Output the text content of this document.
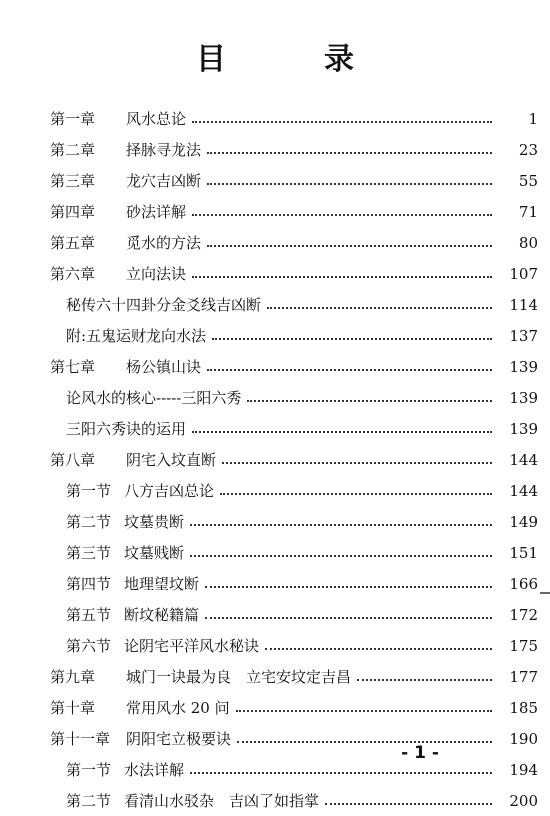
目　录
第一章 风水总论	1
第二章 择脉寻龙法	23
第三章 龙穴吉凶断	55
第四章 砂法详解	71
第五章 觅水的方法	80
第六章 立向法诀	107
秘传六十四卦分金爻线吉凶断	114
附:五鬼运财龙向水法	137
第七章 杨公镇山诀	139
论风水的核心-----三阳六秀	139
三阳六秀诀的运用	139
第八章 阴宅入坟直断	144
第一节 八方吉凶总论	144
第二节 坟墓贵断	149
第三节 坟墓贱断	151
第四节 地理望坟断	166
第五节 断坟秘籍篇	172
第六节 论阴宅平洋风水秘诀	175
第九章 城门一诀最为良　立宅安坟定吉昌	177
第十章 常用风水 20 问	185
第十一章 阴阳宅立极要诀	190
第一节 水法详解	194
第二节 看清山水驳杂　吉凶了如指掌	200
- 1 -
